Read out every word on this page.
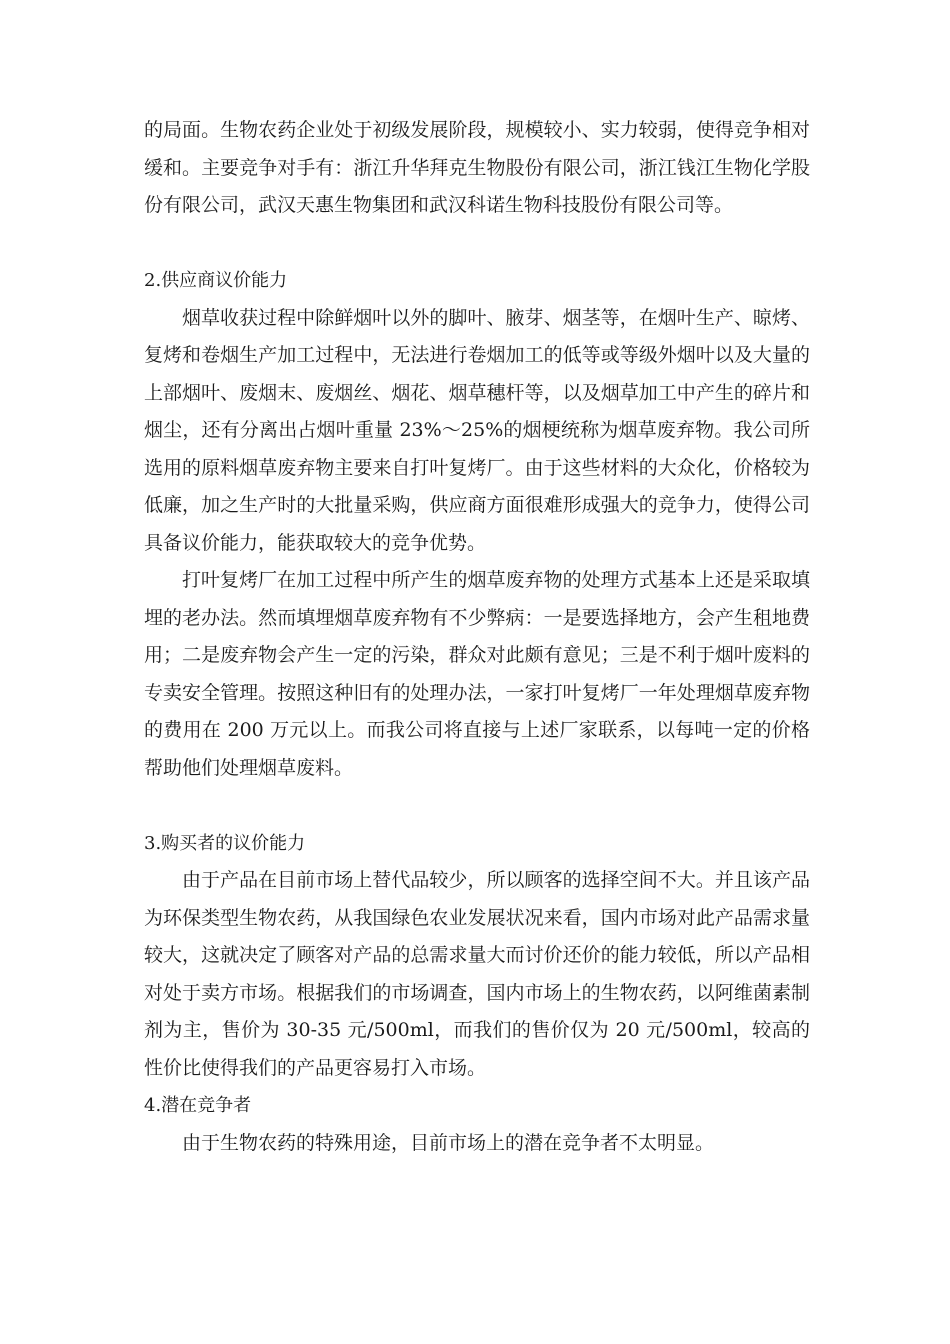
的局面。生物农药企业处于初级发展阶段，规模较小、实力较弱，使得竞争相对缓和。主要竞争对手有：浙江升华拜克生物股份有限公司，浙江钱江生物化学股份有限公司，武汉天惠生物集团和武汉科诺生物科技股份有限公司等。

2.供应商议价能力

烟草收获过程中除鲜烟叶以外的脚叶、腋芽、烟茎等，在烟叶生产、晾烤、复烤和卷烟生产加工过程中，无法进行卷烟加工的低等或等级外烟叶以及大量的上部烟叶、废烟末、废烟丝、烟花、烟草穗杆等，以及烟草加工中产生的碎片和烟尘，还有分离出占烟叶重量 23%～25%的烟梗统称为烟草废弃物。我公司所选用的原料烟草废弃物主要来自打叶复烤厂。由于这些材料的大众化，价格较为低廉，加之生产时的大批量采购，供应商方面很难形成强大的竞争力，使得公司具备议价能力，能获取较大的竞争优势。

打叶复烤厂在加工过程中所产生的烟草废弃物的处理方式基本上还是采取填埋的老办法。然而填埋烟草废弃物有不少弊病：一是要选择地方，会产生租地费用；二是废弃物会产生一定的污染，群众对此颇有意见；三是不利于烟叶废料的专卖安全管理。按照这种旧有的处理办法，一家打叶复烤厂一年处理烟草废弃物的费用在 200 万元以上。而我公司将直接与上述厂家联系，以每吨一定的价格帮助他们处理烟草废料。

3.购买者的议价能力

由于产品在目前市场上替代品较少，所以顾客的选择空间不大。并且该产品为环保类型生物农药，从我国绿色农业发展状况来看，国内市场对此产品需求量较大，这就决定了顾客对产品的总需求量大而讨价还价的能力较低，所以产品相对处于卖方市场。根据我们的市场调查，国内市场上的生物农药，以阿维菌素制剂为主，售价为 30-35 元/500ml，而我们的售价仅为 20 元/500ml，较高的性价比使得我们的产品更容易打入市场。

4.潜在竞争者

由于生物农药的特殊用途，目前市场上的潜在竞争者不太明显。
